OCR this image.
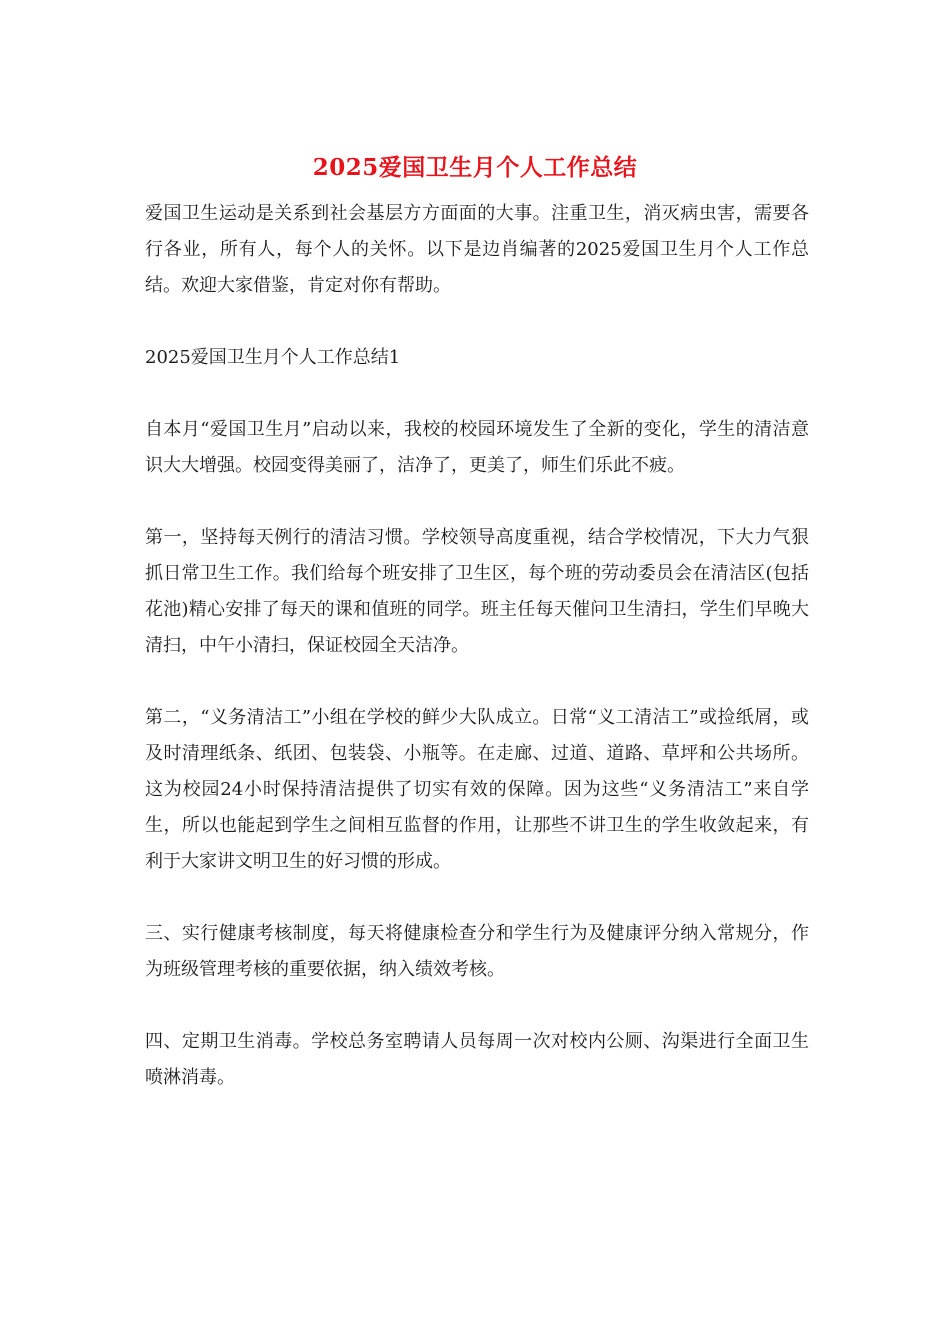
2025爱国卫生月个人工作总结

爱国卫生运动是关系到社会基层方方面面的大事。注重卫生，消灭病虫害，需要各行各业，所有人，每个人的关怀。以下是边肖编著的2025爱国卫生月个人工作总结。欢迎大家借鉴，肯定对你有帮助。

2025爱国卫生月个人工作总结1

自本月“爱国卫生月”启动以来，我校的校园环境发生了全新的变化，学生的清洁意识大大增强。校园变得美丽了，洁净了，更美了，师生们乐此不疲。

第一，坚持每天例行的清洁习惯。学校领导高度重视，结合学校情况，下大力气狠抓日常卫生工作。我们给每个班安排了卫生区，每个班的劳动委员会在清洁区(包括花池)精心安排了每天的课和值班的同学。班主任每天催问卫生清扫，学生们早晚大清扫，中午小清扫，保证校园全天洁净。

第二，“义务清洁工”小组在学校的鲜少大队成立。日常“义工清洁工”或捡纸屑，或及时清理纸条、纸团、包装袋、小瓶等。在走廊、过道、道路、草坪和公共场所。这为校园24小时保持清洁提供了切实有效的保障。因为这些“义务清洁工”来自学生，所以也能起到学生之间相互监督的作用，让那些不讲卫生的学生收敛起来，有利于大家讲文明卫生的好习惯的形成。

三、实行健康考核制度，每天将健康检查分和学生行为及健康评分纳入常规分，作为班级管理考核的重要依据，纳入绩效考核。

四、定期卫生消毒。学校总务室聘请人员每周一次对校内公厕、沟渠进行全面卫生喷淋消毒。
